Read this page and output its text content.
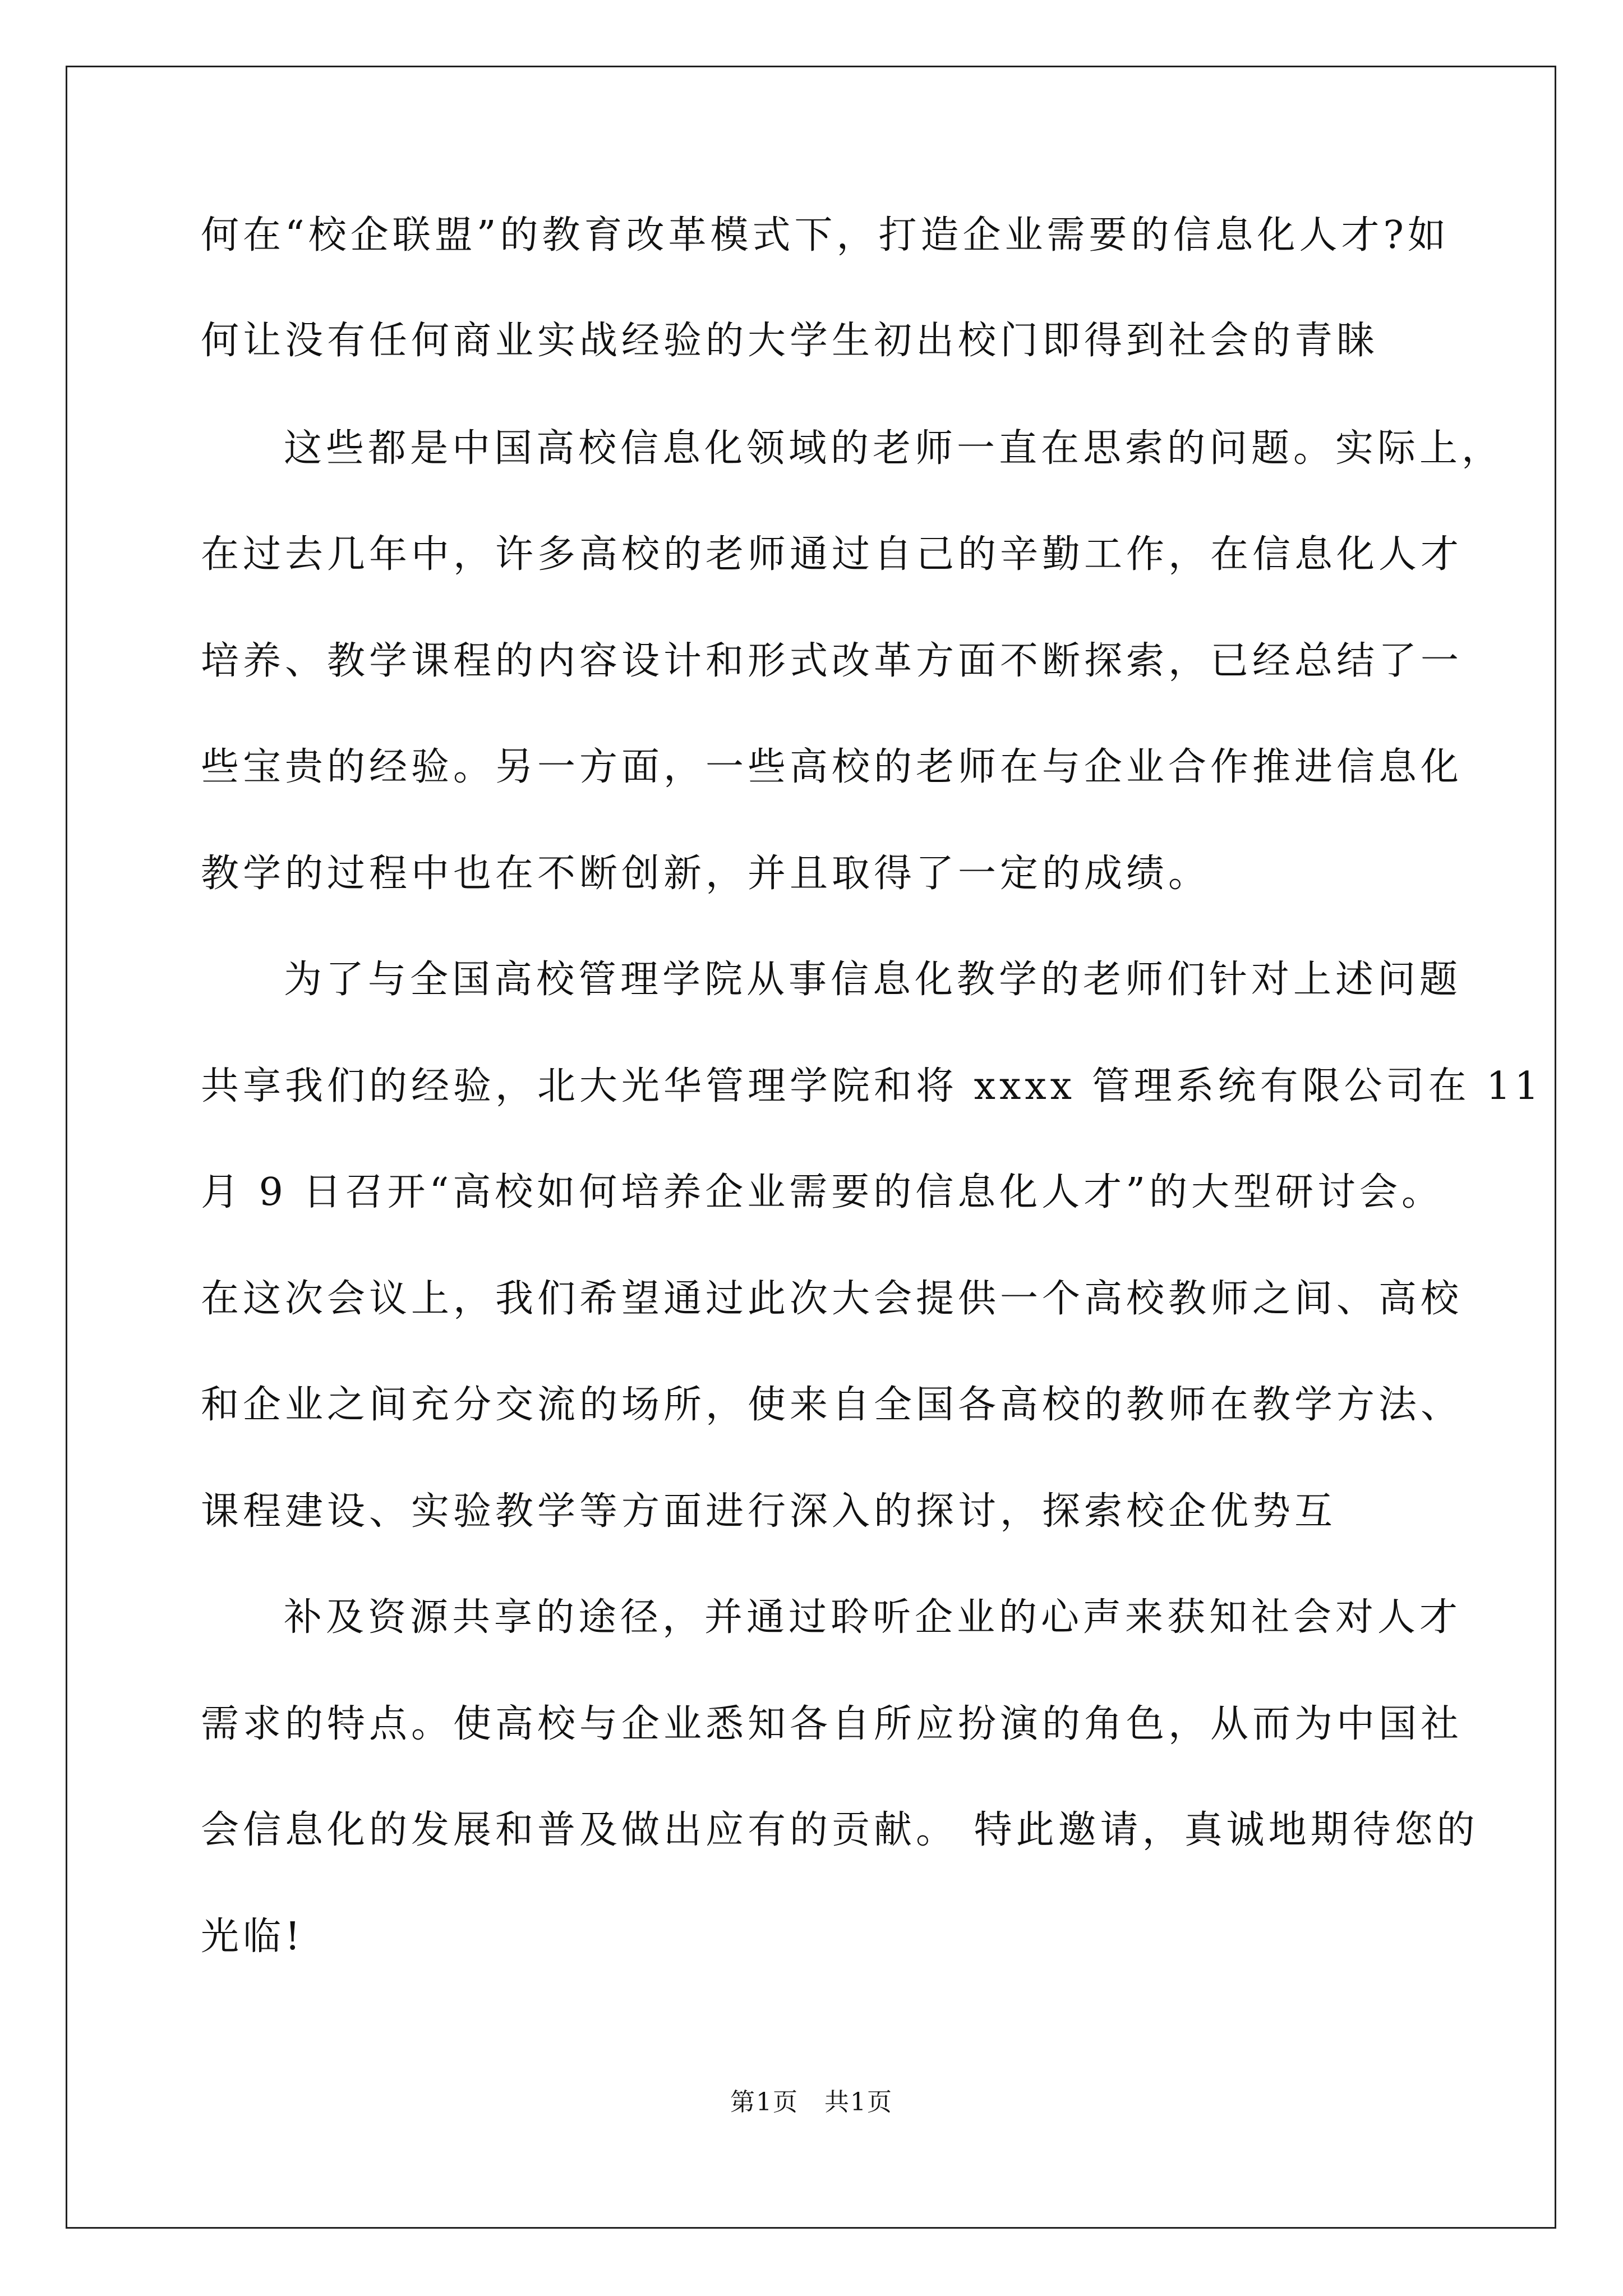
何在“校企联盟”的教育改革模式下，打造企业需要的信息化人才?如
何让没有任何商业实战经验的大学生初出校门即得到社会的青睐
这些都是中国高校信息化领域的老师一直在思索的问题。实际上，
在过去几年中，许多高校的老师通过自己的辛勤工作，在信息化人才
培养、教学课程的内容设计和形式改革方面不断探索，已经总结了一
些宝贵的经验。另一方面，一些高校的老师在与企业合作推进信息化
教学的过程中也在不断创新，并且取得了一定的成绩。
为了与全国高校管理学院从事信息化教学的老师们针对上述问题
共享我们的经验，北大光华管理学院和将 xxxx 管理系统有限公司在 11
月 9 日召开“高校如何培养企业需要的信息化人才”的大型研讨会。
在这次会议上，我们希望通过此次大会提供一个高校教师之间、高校
和企业之间充分交流的场所，使来自全国各高校的教师在教学方法、
课程建设、实验教学等方面进行深入的探讨，探索校企优势互
补及资源共享的途径，并通过聆听企业的心声来获知社会对人才
需求的特点。使高校与企业悉知各自所应扮演的角色，从而为中国社
会信息化的发展和普及做出应有的贡献。 特此邀请，真诚地期待您的
光临!
第1页　共1页
